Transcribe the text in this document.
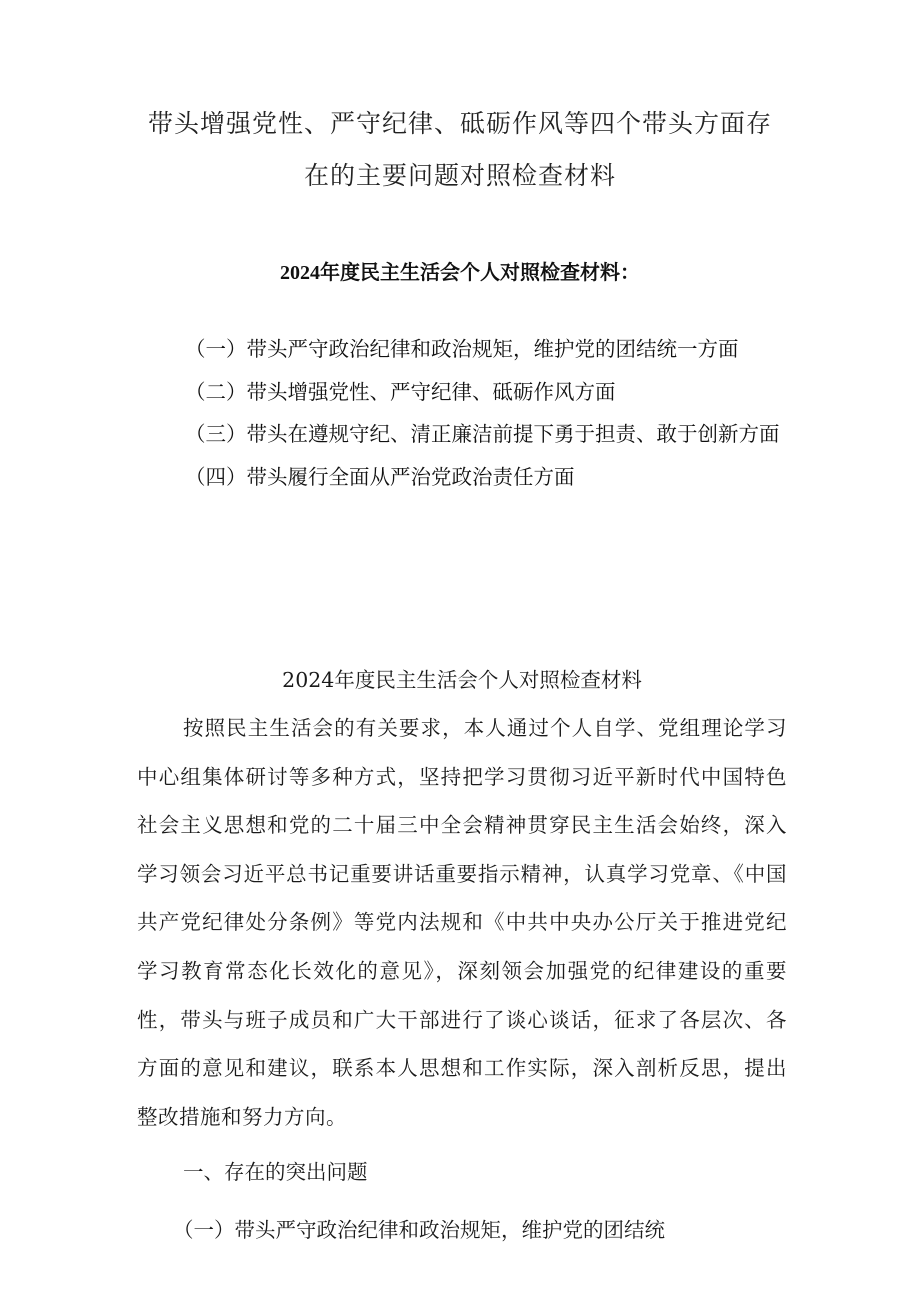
带头增强党性、严守纪律、砥砺作风等四个带头方面存
在的主要问题对照检查材料
2024年度民主生活会个人对照检查材料：

（一）带头严守政治纪律和政治规矩，维护党的团结统一方面

（二）带头增强党性、严守纪律、砥砺作风方面

（三）带头在遵规守纪、清正廉洁前提下勇于担责、敢于创新方面

（四）带头履行全面从严治党政治责任方面

2024年度民主生活会个人对照检查材料

按照民主生活会的有关要求，本人通过个人自学、党组理论学习中心组集体研讨等多种方式，坚持把学习贯彻习近平新时代中国特色社会主义思想和党的二十届三中全会精神贯穿民主生活会始终，深入学习领会习近平总书记重要讲话重要指示精神，认真学习党章、《中国共产党纪律处分条例》等党内法规和《中共中央办公厅关于推进党纪学习教育常态化长效化的意见》，深刻领会加强党的纪律建设的重要性，带头与班子成员和广大干部进行了谈心谈话，征求了各层次、各方面的意见和建议，联系本人思想和工作实际，深入剖析反思，提出整改措施和努力方向。

一、存在的突出问题

（一）带头严守政治纪律和政治规矩，维护党的团结统
